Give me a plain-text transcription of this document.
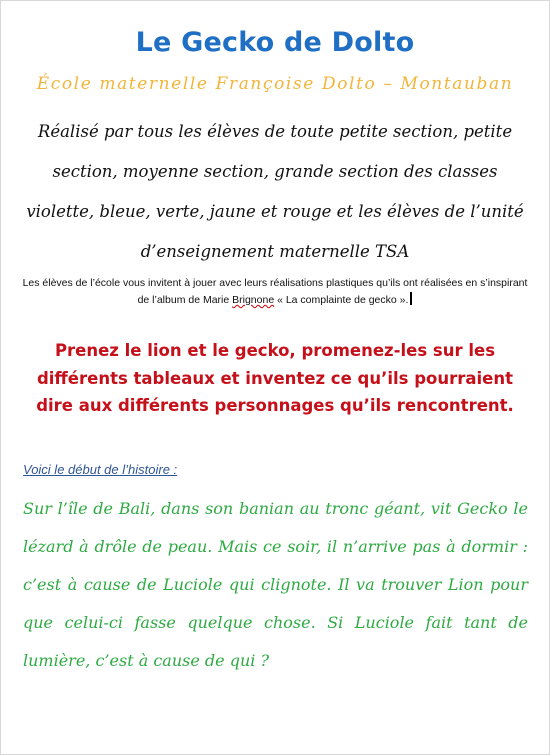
Le Gecko de Dolto
École maternelle Françoise Dolto – Montauban
Réalisé par tous les élèves de toute petite section, petite section, moyenne section, grande section des classes violette, bleue, verte, jaune et rouge et les élèves de l’unité d’enseignement maternelle TSA
Les élèves de l’école vous invitent à jouer avec leurs réalisations plastiques qu’ils ont réalisées en s’inspirant de l’album de Marie Brignone « La complainte de gecko ».
Prenez le lion et le gecko, promenez-les sur les différents tableaux et inventez ce qu’ils pourraient dire aux différents personnages qu’ils rencontrent.
Voici le début de l’histoire :
Sur l’île de Bali, dans son banian au tronc géant, vit Gecko le lézard à drôle de peau. Mais ce soir, il n’arrive pas à dormir : c’est à cause de Luciole qui clignote. Il va trouver Lion pour que celui-ci fasse quelque chose. Si Luciole fait tant de lumière, c’est à cause de qui ?
